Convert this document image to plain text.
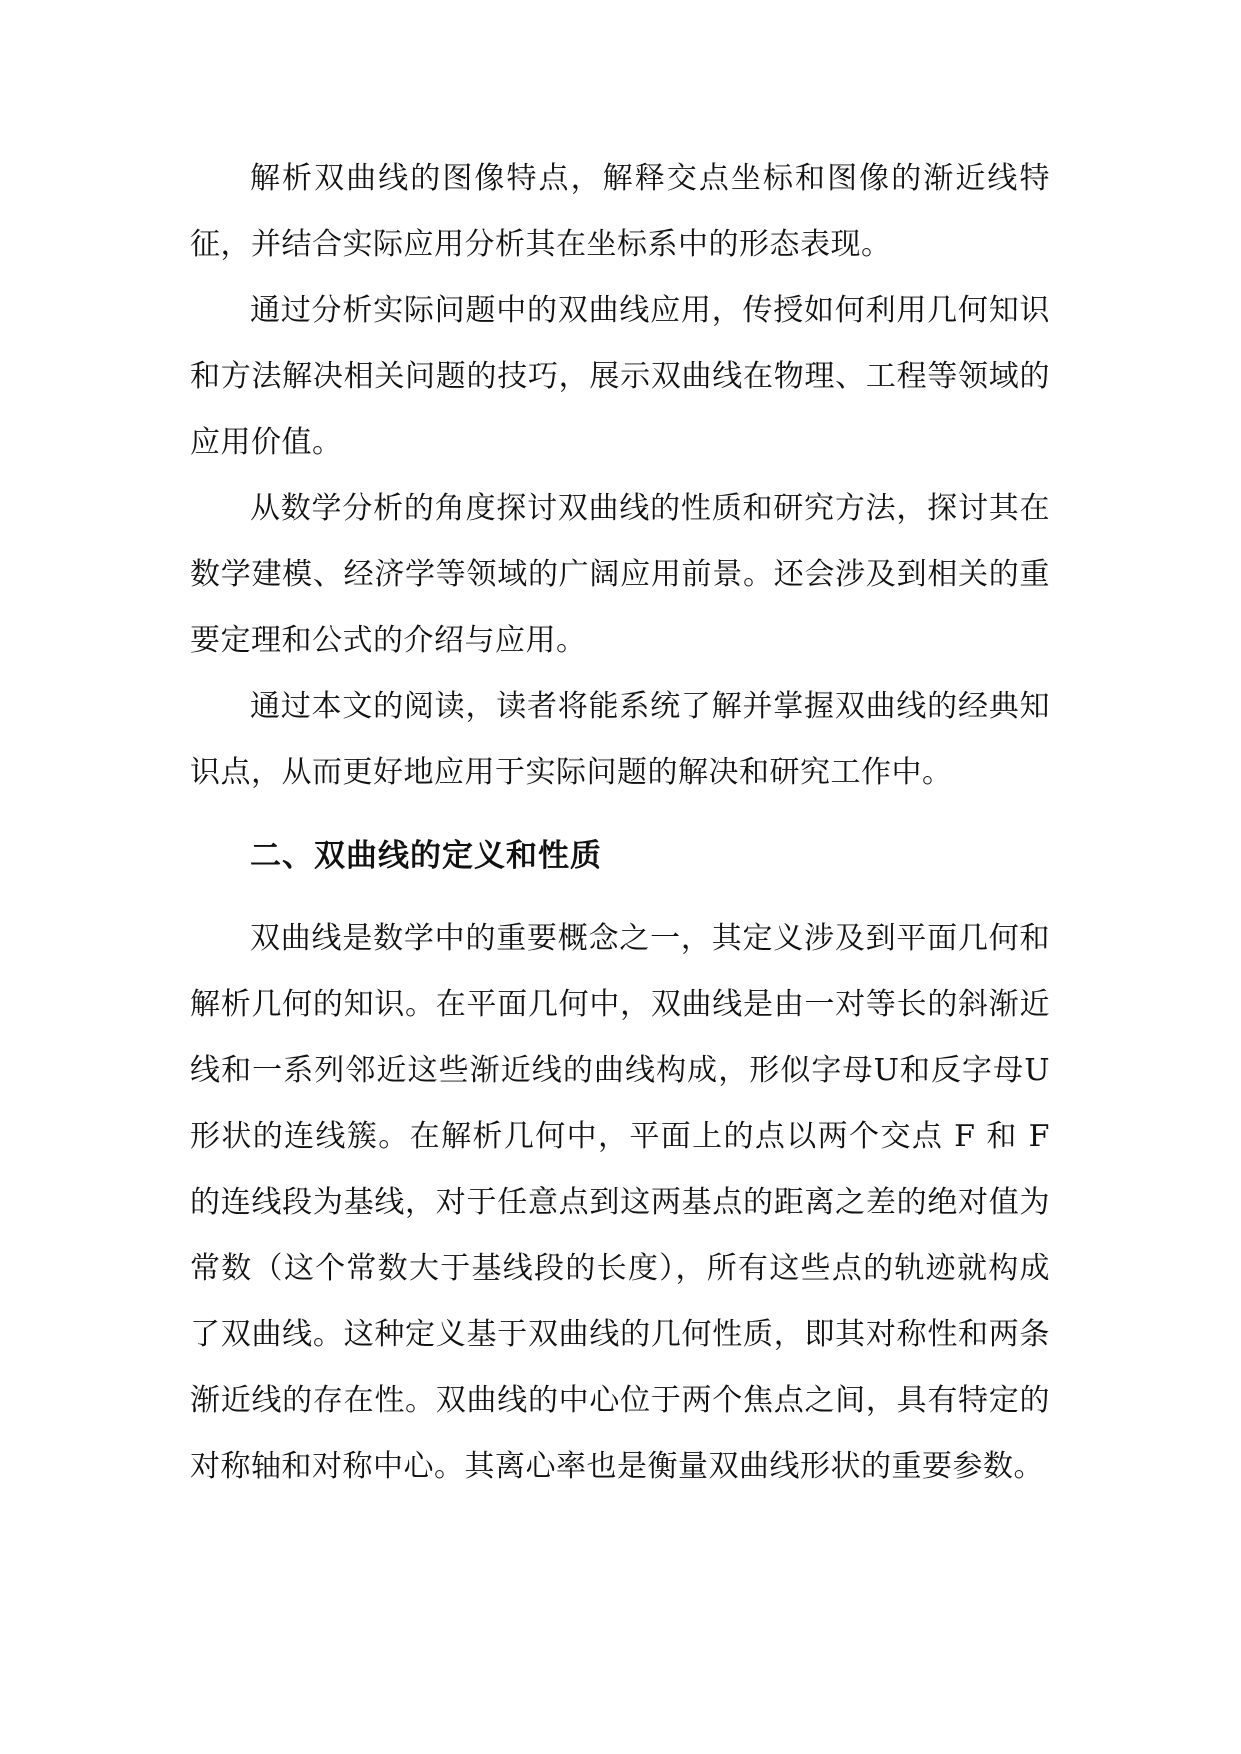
解析双曲线的图像特点，解释交点坐标和图像的渐近线特征，并结合实际应用分析其在坐标系中的形态表现。

通过分析实际问题中的双曲线应用，传授如何利用几何知识和方法解决相关问题的技巧，展示双曲线在物理、工程等领域的应用价值。

从数学分析的角度探讨双曲线的性质和研究方法，探讨其在数学建模、经济学等领域的广阔应用前景。还会涉及到相关的重要定理和公式的介绍与应用。

通过本文的阅读，读者将能系统了解并掌握双曲线的经典知识点，从而更好地应用于实际问题的解决和研究工作中。

二、双曲线的定义和性质

双曲线是数学中的重要概念之一，其定义涉及到平面几何和解析几何的知识。在平面几何中，双曲线是由一对等长的斜渐近线和一系列邻近这些渐近线的曲线构成，形似字母U和反字母U形状的连线簇。在解析几何中，平面上的点以两个交点 F 和 F 的连线段为基线，对于任意点到这两基点的距离之差的绝对值为常数（这个常数大于基线段的长度），所有这些点的轨迹就构成了双曲线。这种定义基于双曲线的几何性质，即其对称性和两条渐近线的存在性。双曲线的中心位于两个焦点之间，具有特定的对称轴和对称中心。其离心率也是衡量双曲线形状的重要参数。
